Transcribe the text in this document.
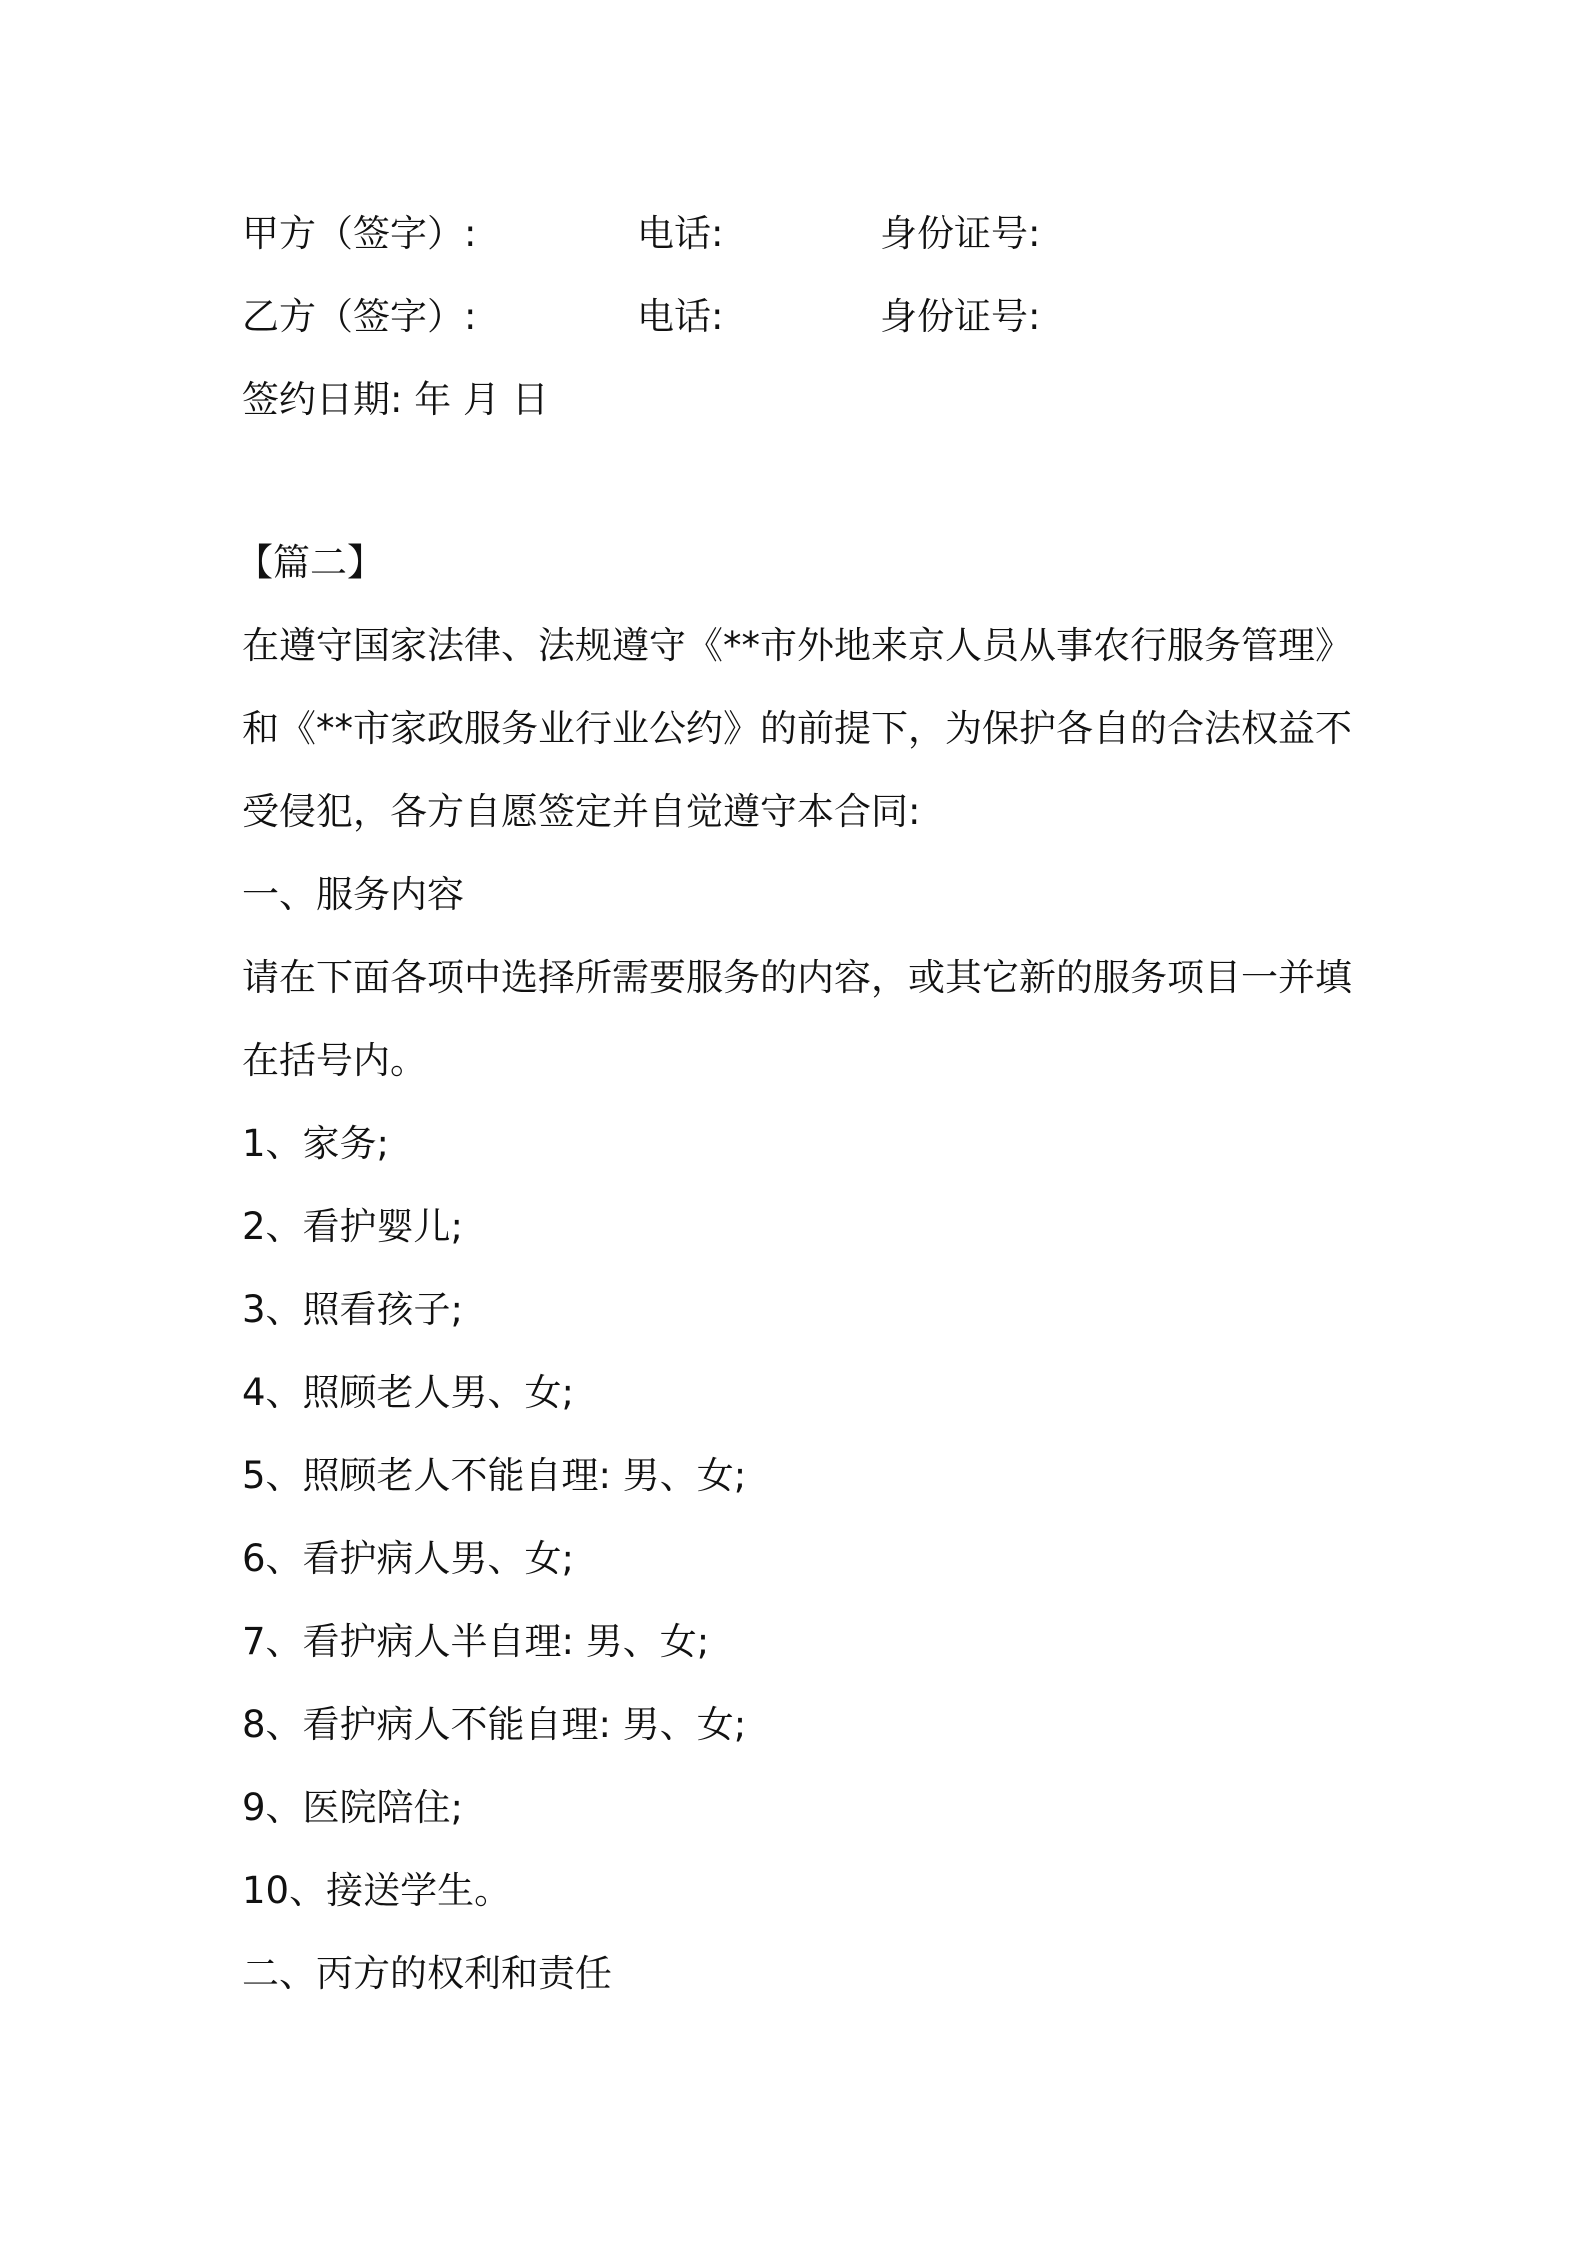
甲方（签字）:	电话:	身份证号:
乙方（签字）:	电话:	身份证号:
签约日期: 年 月 日
【篇二】
在遵守国家法律、法规遵守《**市外地来京人员从事农行服务管理》和《**市家政服务业行业公约》的前提下，为保护各自的合法权益不受侵犯，各方自愿签定并自觉遵守本合同:
一、服务内容
请在下面各项中选择所需要服务的内容，或其它新的服务项目一并填在括号内。
1、家务;
2、看护婴儿;
3、照看孩子;
4、照顾老人男、女;
5、照顾老人不能自理: 男、女;
6、看护病人男、女;
7、看护病人半自理: 男、女;
8、看护病人不能自理: 男、女;
9、医院陪住;
10、接送学生。
二、丙方的权利和责任
